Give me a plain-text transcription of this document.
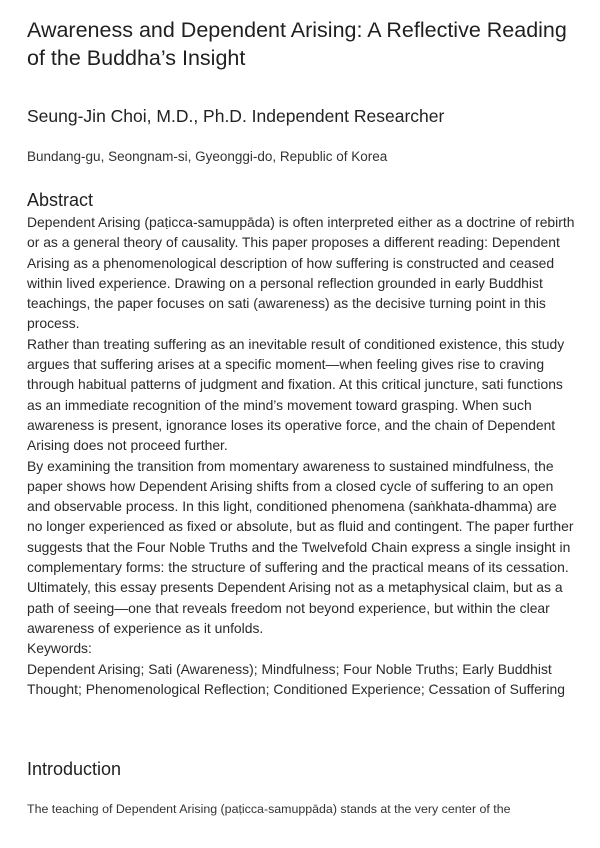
Awareness and Dependent Arising: A Reflective Reading of the Buddha’s Insight

Seung-Jin Choi, M.D., Ph.D. Independent Researcher

Bundang-gu, Seongnam-si, Gyeonggi-do, Republic of Korea

Abstract

Dependent Arising (paṭicca-samuppāda) is often interpreted either as a doctrine of rebirth or as a general theory of causality. This paper proposes a different reading: Dependent Arising as a phenomenological description of how suffering is constructed and ceased within lived experience. Drawing on a personal reflection grounded in early Buddhist teachings, the paper focuses on sati (awareness) as the decisive turning point in this process.

Rather than treating suffering as an inevitable result of conditioned existence, this study argues that suffering arises at a specific moment—when feeling gives rise to craving through habitual patterns of judgment and fixation. At this critical juncture, sati functions as an immediate recognition of the mind’s movement toward grasping. When such awareness is present, ignorance loses its operative force, and the chain of Dependent Arising does not proceed further.

By examining the transition from momentary awareness to sustained mindfulness, the paper shows how Dependent Arising shifts from a closed cycle of suffering to an open and observable process. In this light, conditioned phenomena (saṅkhata-dhamma) are no longer experienced as fixed or absolute, but as fluid and contingent. The paper further suggests that the Four Noble Truths and the Twelvefold Chain express a single insight in complementary forms: the structure of suffering and the practical means of its cessation. Ultimately, this essay presents Dependent Arising not as a metaphysical claim, but as a path of seeing—one that reveals freedom not beyond experience, but within the clear awareness of experience as it unfolds.

Keywords:

Dependent Arising; Sati (Awareness); Mindfulness; Four Noble Truths; Early Buddhist Thought; Phenomenological Reflection; Conditioned Experience; Cessation of Suffering

Introduction

The teaching of Dependent Arising (paṭicca-samuppāda) stands at the very center of the
